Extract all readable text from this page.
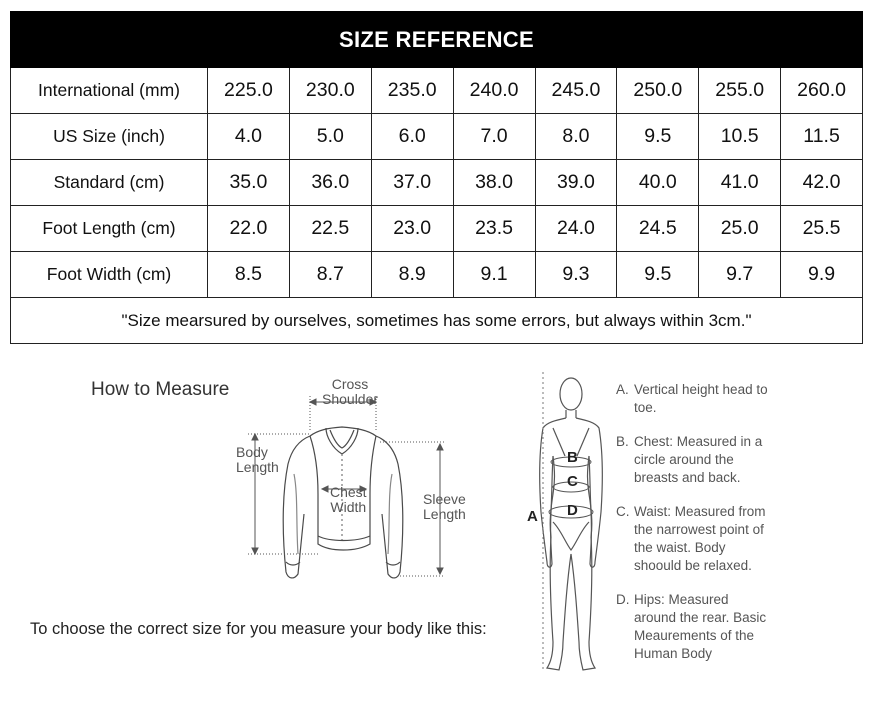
SIZE REFERENCE								
International (mm)	225.0	230.0	235.0	240.0	245.0	250.0	255.0	260.0
US Size (inch)	4.0	5.0	6.0	7.0	8.0	9.5	10.5	11.5
Standard (cm)	35.0	36.0	37.0	38.0	39.0	40.0	41.0	42.0
Foot Length (cm)	22.0	22.5	23.0	23.5	24.0	24.5	25.0	25.5
Foot Width (cm)	8.5	8.7	8.9	9.1	9.3	9.5	9.7	9.9
"Size mearsured by ourselves, sometimes has some errors, but always within 3cm."								
How to Measure	Cross
Shoulder
Body
Length
Chest
Width	Sleeve
Length
To choose the correct size for you measure your body like this:
A
B
C
D
A. Vertical height head to toe.
B. Chest: Measured in a circle around the breasts and back.
C. Waist: Measured from the narrowest point of the waist. Body shoould be relaxed.
D. Hips: Measured around the rear. Basic Meaurements of the Human Body
